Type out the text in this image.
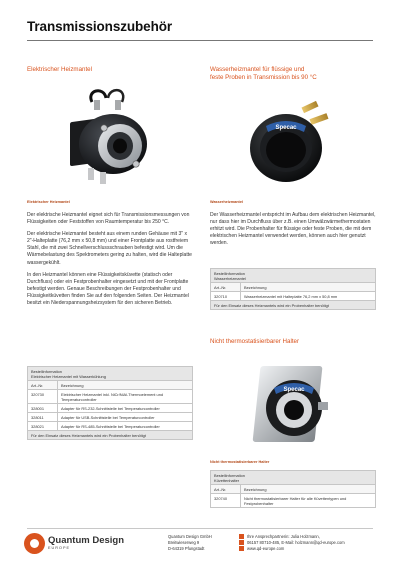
Transmissionszubehör
Elektrischer Heizmantel
Elektrischer Heizmantel

Der elektrische Heizmantel eignet sich für Transmissionsmessungen von Flüssigkeiten oder Feststoffen von Raumtemperatur bis 250 °C.

Der elektrische Heizmantel besteht aus einem runden Gehäuse mit 3" x 2"-Halteplatte (76,2 mm x 50,8 mm) und einer Frontplatte aus rostfreiem Stahl, die mit zwei Schnellverschlussschrauben befestigt wird. Um die Wärmebelastung des Spektrometers gering zu halten, wird die Halteplatte wassergekühlt.

In den Heizmantel können eine Flüssigkeitsküvette (statisch oder Durchfluss) oder ein Festprobenhalter eingesetzt und mit der Frontplatte befestigt werden. Genaue Beschreibungen der Festprobenhalter und Flüssigkeitküvetten finden Sie auf den folgenden Seiten. Der Heizmantel besitzt ein Niederspannungsheizsystem für den sicheren Betrieb.

Bestellinformation
Elektrischer Heizmantel mit Wasserkühlung
Art.-Nr.	Bezeichnung
320730	Elektrischer Heizmantel inkl. NiCr/NiAl-Thermoelement und Temperaturcontroller
328001	Adapter für RS-232-Schnittstelle bei Temperaturcontroller
328011	Adapter für USB-Schnittstelle bei Temperaturcontroller
328021	Adapter für RS-485-Schnittstelle bei Temperaturcontroller
Für den Einsatz dieses Heizmantels wird ein Probenhalter benötigt
Wasserheizmantel für flüssige und
feste Proben in Transmission bis 90 °C
Specac
Wasserheizmantel

Der Wasserheizmantel entspricht im Aufbau dem elektrischen Heizmantel, nur dass hier im Durchfluss über z.B. einen Umwälzwärmethermostaten erhitzt wird. Die Probenhalter für flüssige oder feste Proben, die mit dem elektrischen Heizmantel verwendet werden, können auch hier genutzt werden.

Bestellinformation
Wasserheizmantel
Art.-Nr.	Bezeichnung
320710	Wasserheizmantel mit Halteplatte 76,2 mm x 50,8 mm
Für den Einsatz dieses Heizmantels wird ein Probenhalter benötigt
Nicht thermostatisierbarer Halter
Specac
Nicht thermostatisierbarer Halter
Bestellinformation
Küvettenhalter
Art.-Nr.	Bezeichnung
320740	Nicht thermostatisierbarer Halter für alle Küvettentypen und Festprobenhalter
Quantum Design
EUROPE
Quantum Design GmbH
Breitwieserweg 9
D-64319 Pfungstadt
Ihre Ansprechpartnerin: Julia Holzmann,
06157 80710-485, E-Mail: holzmann@qd-europe.com
www.qd-europe.com
